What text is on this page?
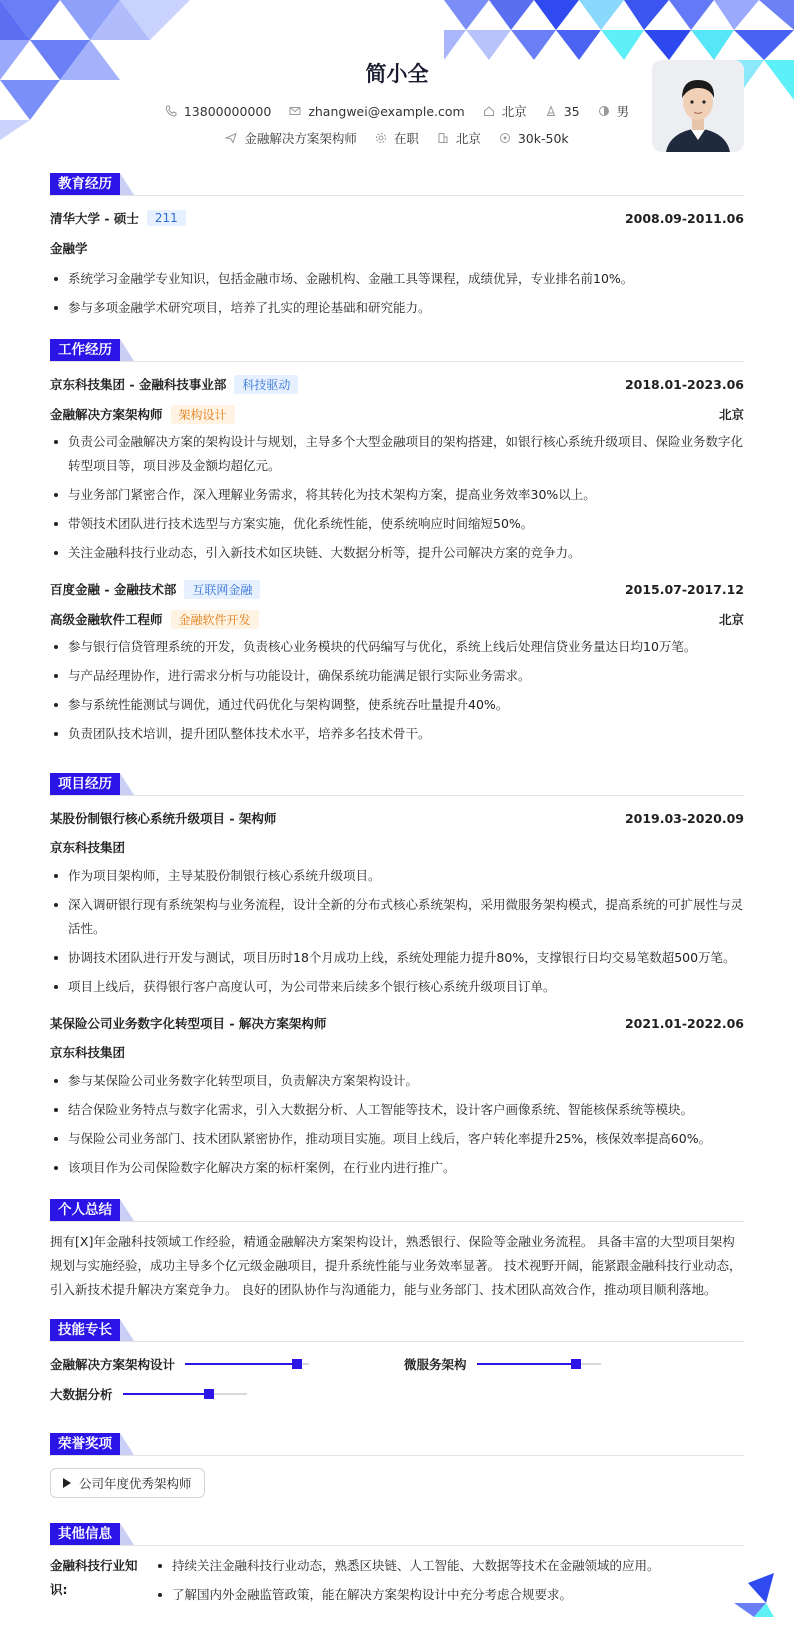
简小全
13800000000	zhangwei@example.com	北京	35	男
金融解决方案架构师	在职	北京	30k-50k
教育经历
清华大学 - 硕士	211	2008.09-2011.06
金融学
系统学习金融学专业知识，包括金融市场、金融机构、金融工具等课程，成绩优异，专业排名前10%。
参与多项金融学术研究项目，培养了扎实的理论基础和研究能力。
工作经历
京东科技集团 - 金融科技事业部	科技驱动	2018.01-2023.06
金融解决方案架构师	架构设计	北京
负责公司金融解决方案的架构设计与规划，主导多个大型金融项目的架构搭建，如银行核心系统升级项目、保险业务数字化转型项目等，项目涉及金额均超亿元。
与业务部门紧密合作，深入理解业务需求，将其转化为技术架构方案，提高业务效率30%以上。
带领技术团队进行技术选型与方案实施，优化系统性能，使系统响应时间缩短50%。
关注金融科技行业动态，引入新技术如区块链、大数据分析等，提升公司解决方案的竞争力。
百度金融 - 金融技术部	互联网金融	2015.07-2017.12
高级金融软件工程师	金融软件开发	北京
参与银行信贷管理系统的开发，负责核心业务模块的代码编写与优化，系统上线后处理信贷业务量达日均10万笔。
与产品经理协作，进行需求分析与功能设计，确保系统功能满足银行实际业务需求。
参与系统性能测试与调优，通过代码优化与架构调整，使系统吞吐量提升40%。
负责团队技术培训，提升团队整体技术水平，培养多名技术骨干。
项目经历
某股份制银行核心系统升级项目 - 架构师	2019.03-2020.09
京东科技集团
作为项目架构师，主导某股份制银行核心系统升级项目。
深入调研银行现有系统架构与业务流程，设计全新的分布式核心系统架构，采用微服务架构模式，提高系统的可扩展性与灵活性。
协调技术团队进行开发与测试，项目历时18个月成功上线，系统处理能力提升80%，支撑银行日均交易笔数超500万笔。
项目上线后，获得银行客户高度认可，为公司带来后续多个银行核心系统升级项目订单。
某保险公司业务数字化转型项目 - 解决方案架构师	2021.01-2022.06
京东科技集团
参与某保险公司业务数字化转型项目，负责解决方案架构设计。
结合保险业务特点与数字化需求，引入大数据分析、人工智能等技术，设计客户画像系统、智能核保系统等模块。
与保险公司业务部门、技术团队紧密协作，推动项目实施。项目上线后，客户转化率提升25%，核保效率提高60%。
该项目作为公司保险数字化解决方案的标杆案例，在行业内进行推广。
个人总结
拥有[X]年金融科技领域工作经验，精通金融解决方案架构设计，熟悉银行、保险等金融业务流程。 具备丰富的大型项目架构规划与实施经验，成功主导多个亿元级金融项目，提升系统性能与业务效率显著。 技术视野开阔，能紧跟金融科技行业动态，引入新技术提升解决方案竞争力。 良好的团队协作与沟通能力，能与业务部门、技术团队高效合作，推动项目顺利落地。
技能专长
金融解决方案架构设计	微服务架构
大数据分析
荣誉奖项
公司年度优秀架构师
其他信息
金融科技行业知识:
持续关注金融科技行业动态，熟悉区块链、人工智能、大数据等技术在金融领域的应用。
了解国内外金融监管政策，能在解决方案架构设计中充分考虑合规要求。
